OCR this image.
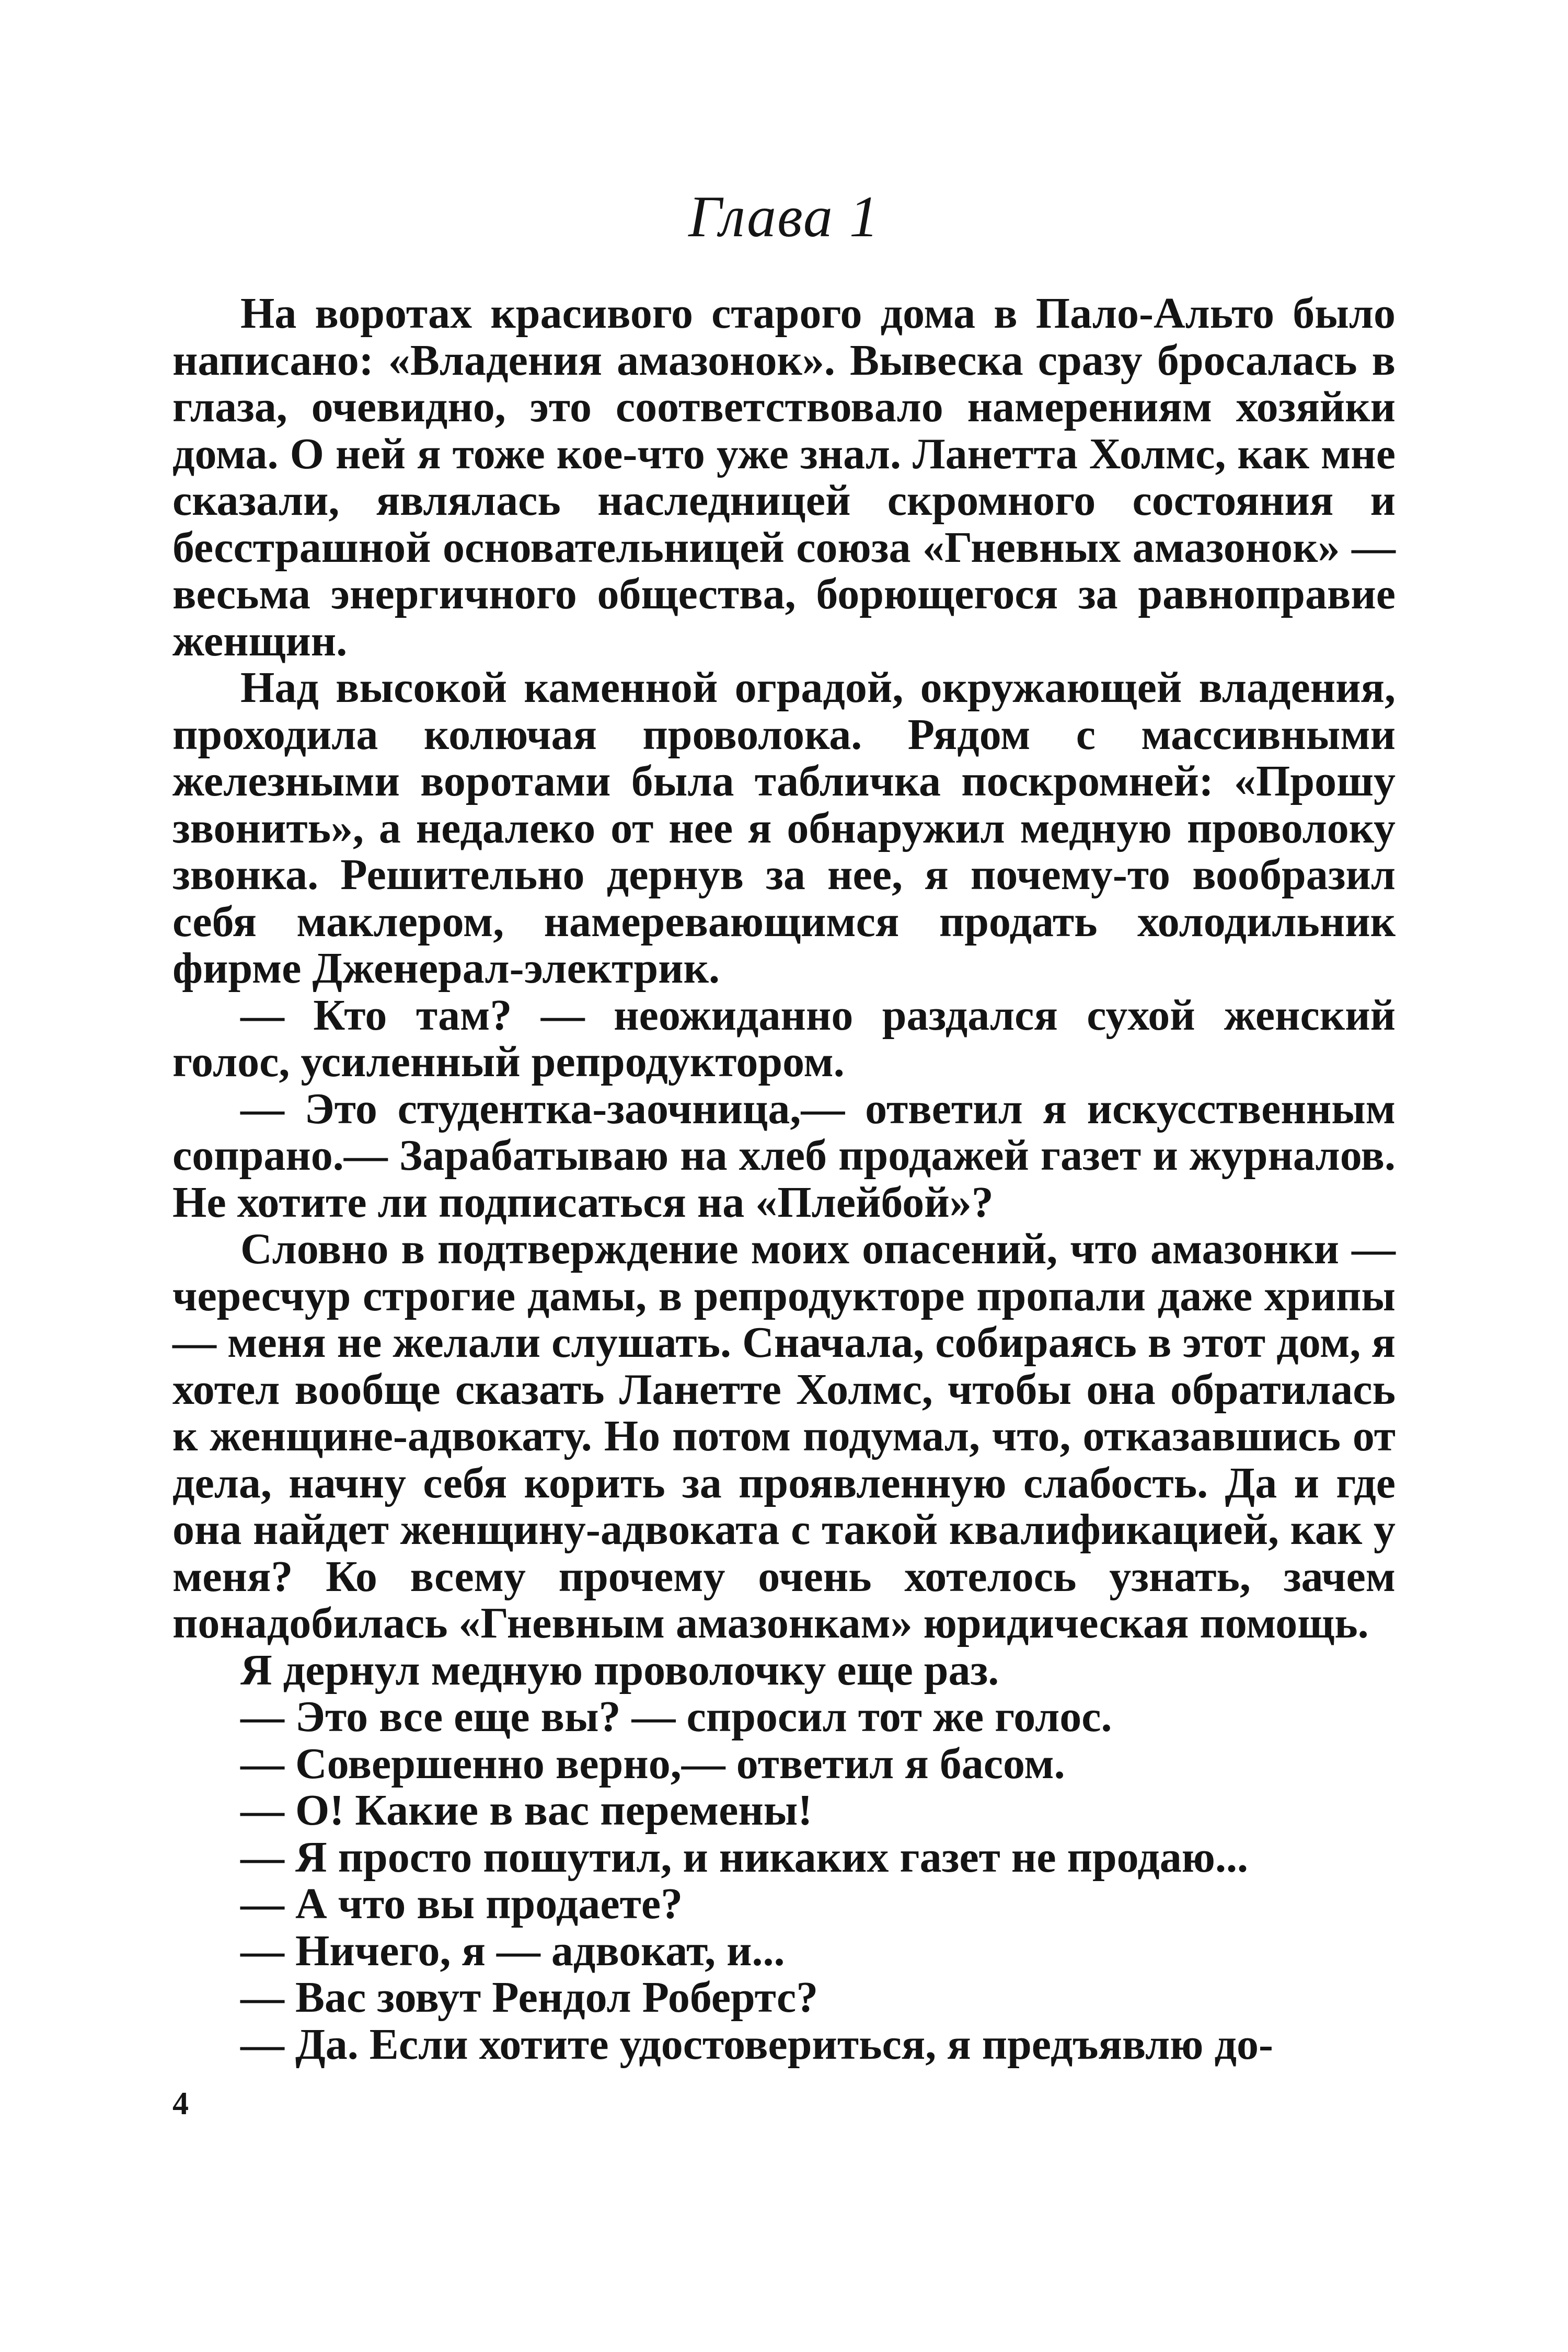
Глава 1

На воротах красивого старого дома в Пало-Альто было написано: «Владения амазонок». Вывеска сразу бросалась в глаза, очевидно, это соответствовало намерениям хозяйки дома. О ней я тоже кое-что уже знал. Ланетта Холмс, как мне сказали, являлась наследницей скромного состояния и бесстрашной основательницей союза «Гневных амазонок» — весьма энергичного общества, борющегося за равноправие женщин.

Над высокой каменной оградой, окружающей владения, проходила колючая проволока. Рядом с массивными железными воротами была табличка поскромней: «Прошу звонить», а недалеко от нее я обнаружил медную проволоку звонка. Решительно дернув за нее, я почему-то вообразил себя маклером, намеревающимся продать холодильник фирме Дженерал-электрик.

— Кто там? — неожиданно раздался сухой женский голос, усиленный репродуктором.

— Это студентка-заочница,— ответил я искусственным сопрано.— Зарабатываю на хлеб продажей газет и журналов. Не хотите ли подписаться на «Плейбой»?

Словно в подтверждение моих опасений, что амазонки — чересчур строгие дамы, в репродукторе пропали даже хрипы — меня не желали слушать. Сначала, собираясь в этот дом, я хотел вообще сказать Ланетте Холмс, чтобы она обратилась к женщине-адвокату. Но потом подумал, что, отказавшись от дела, начну себя корить за проявленную слабость. Да и где она найдет женщину-адвоката с такой квалификацией, как у меня? Ко всему прочему очень хотелось узнать, зачем понадобилась «Гневным амазонкам» юридическая помощь.

Я дернул медную проволочку еще раз.

— Это все еще вы? — спросил тот же голос.

— Совершенно верно,— ответил я басом.

— О! Какие в вас перемены!

— Я просто пошутил, и никаких газет не продаю...

— А что вы продаете?

— Ничего, я — адвокат, и...

— Вас зовут Рендол Робертс?

— Да. Если хотите удостовериться, я предъявлю до-

4
